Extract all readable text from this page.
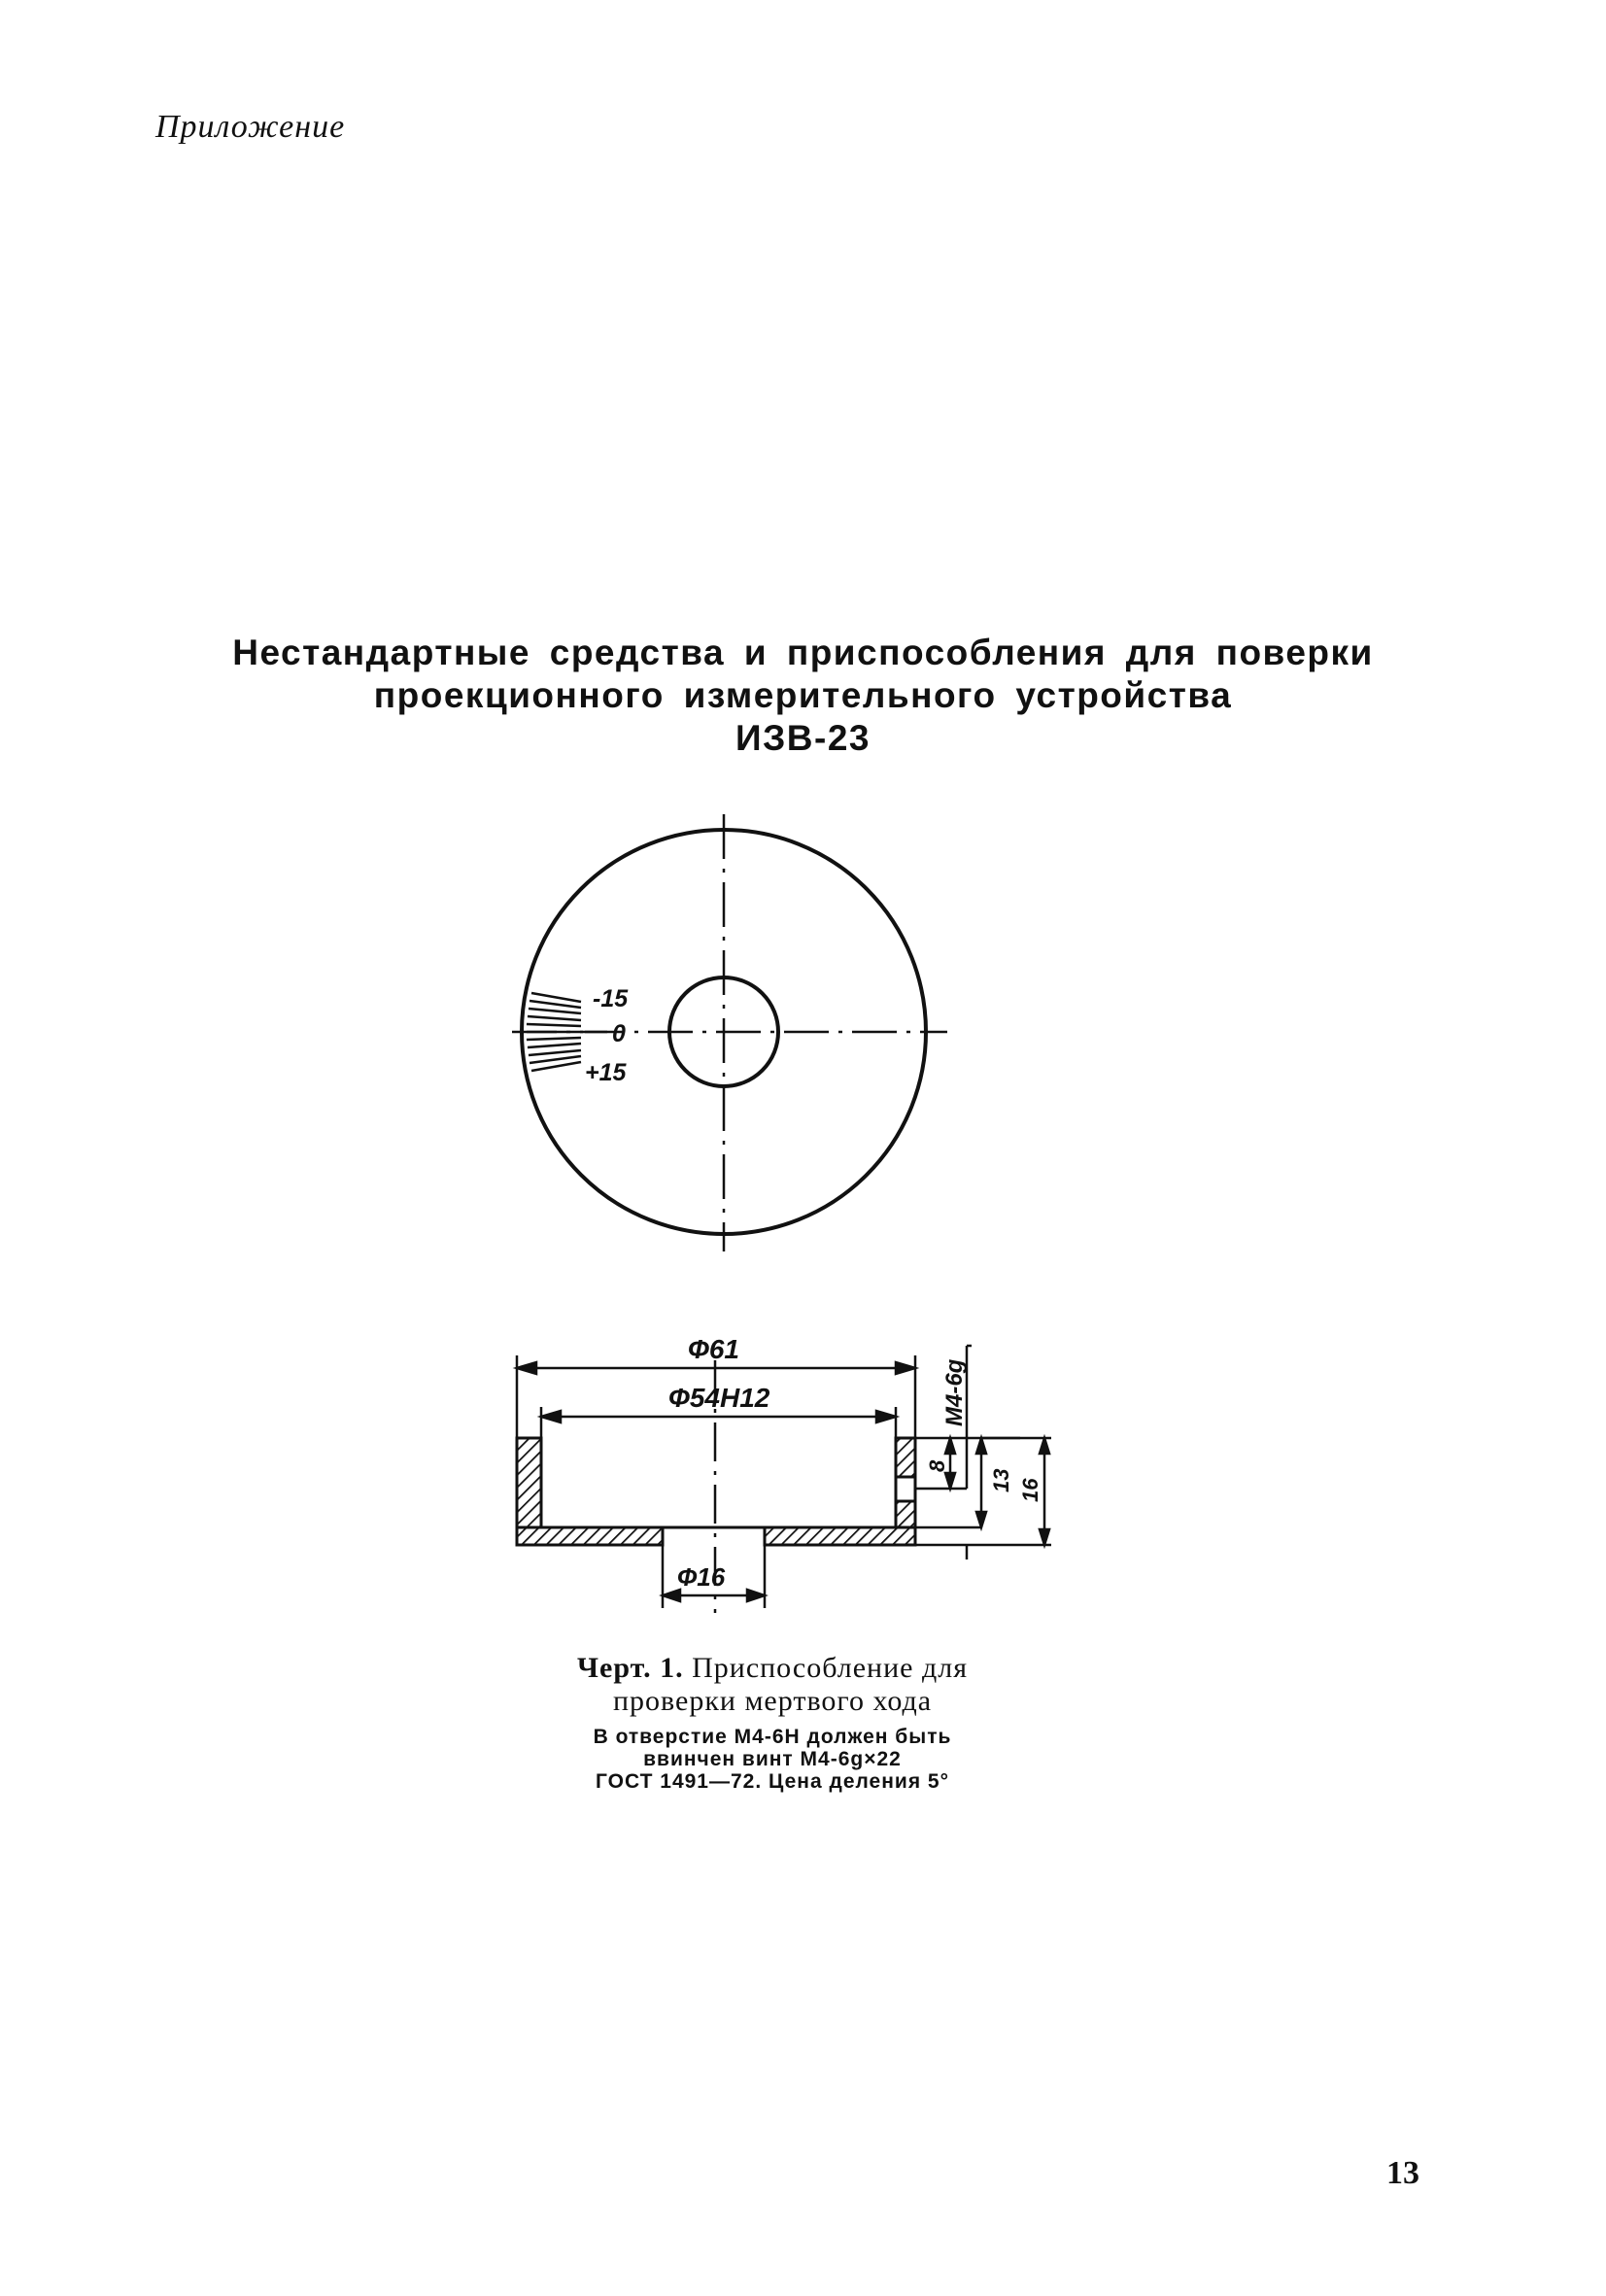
Приложение
Нестандартные средства и приспособления для поверки
проекционного измерительного устройства
ИЗВ-23
-15
0
+15
Ф61
Ф54Н12
Ф16
М4-6g
8
13 16
Черт. 1. Приспособление для
проверки мертвого хода
В отверстие М4-6Н должен быть
ввинчен винт М4-6g×22
ГОСТ 1491—72. Цена деления 5°
13
